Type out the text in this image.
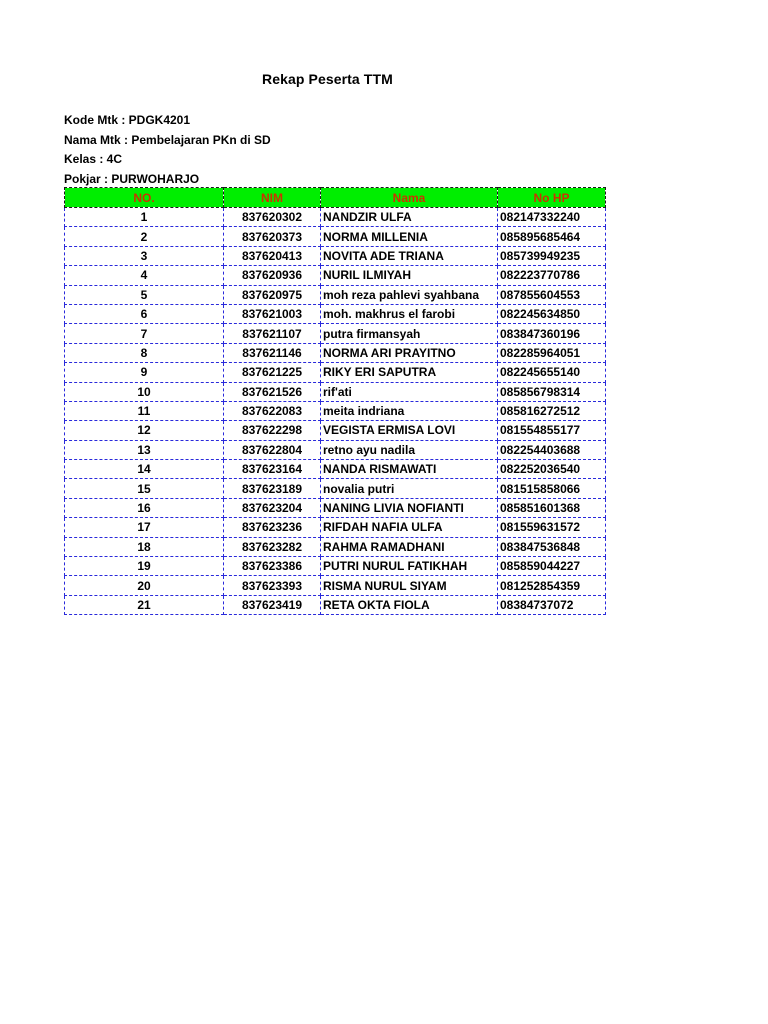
Rekap Peserta TTM
Kode Mtk : PDGK4201
Nama Mtk : Pembelajaran PKn di SD
Kelas : 4C
Pokjar : PURWOHARJO
NO.	NIM	Nama	No HP
1	837620302	NANDZIR ULFA	082147332240
2	837620373	NORMA MILLENIA	085895685464
3	837620413	NOVITA ADE TRIANA	085739949235
4	837620936	NURIL ILMIYAH	082223770786
5	837620975	moh reza pahlevi syahbana	087855604553
6	837621003	moh. makhrus el farobi	082245634850
7	837621107	putra firmansyah	083847360196
8	837621146	NORMA ARI PRAYITNO	082285964051
9	837621225	RIKY ERI SAPUTRA	082245655140
10	837621526	rif'ati	085856798314
11	837622083	meita indriana	085816272512
12	837622298	VEGISTA ERMISA LOVI	081554855177
13	837622804	retno ayu nadila	082254403688
14	837623164	NANDA RISMAWATI	082252036540
15	837623189	novalia putri	081515858066
16	837623204	NANING LIVIA NOFIANTI	085851601368
17	837623236	RIFDAH NAFIA ULFA	081559631572
18	837623282	RAHMA RAMADHANI	083847536848
19	837623386	PUTRI NURUL FATIKHAH	085859044227
20	837623393	RISMA NURUL SIYAM	081252854359
21	837623419	RETA OKTA FIOLA	08384737072
